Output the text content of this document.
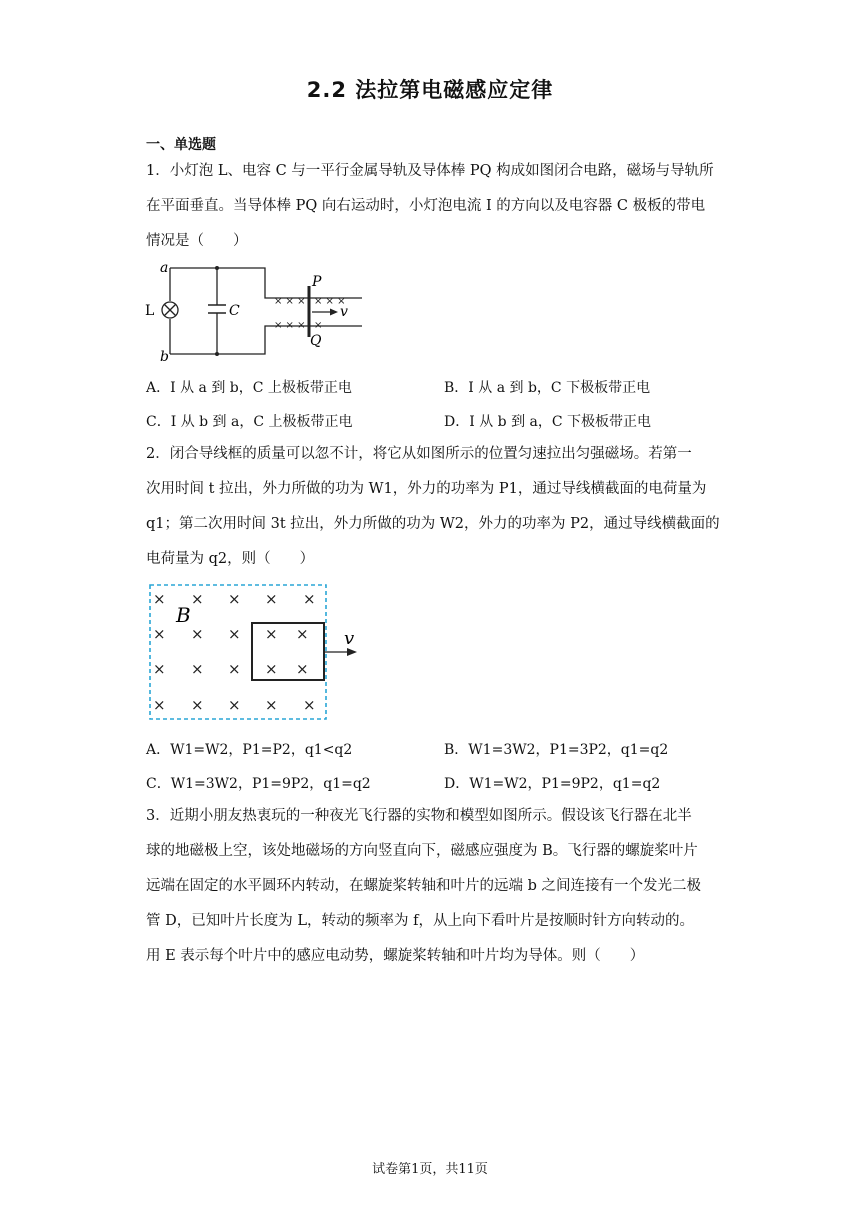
2.2 法拉第电磁感应定律
一、单选题
1．小灯泡 L、电容 C 与一平行金属导轨及导体棒 PQ 构成如图闭合电路，磁场与导轨所
在平面垂直。当导体棒 PQ 向右运动时，小灯泡电流 I 的方向以及电容器 C 极板的带电
情况是（　　）
× × × × × ×
× × × ×
v
a
b
L	C
P
Q
A．I 从 a 到 b，C 上极板带正电	B．I 从 a 到 b，C 下极板带正电
C．I 从 b 到 a，C 上极板带正电	D．I 从 b 到 a，C 下极板带正电
2．闭合导线框的质量可以忽不计，将它从如图所示的位置匀速拉出匀强磁场。若第一
次用时间 t 拉出，外力所做的功为 W1，外力的功率为 P1，通过导线横截面的电荷量为
q1；第二次用时间 3t 拉出，外力所做的功为 W2，外力的功率为 P2，通过导线横截面的
电荷量为 q2，则（　　）
× × × × ×
× × × × ×
× × × × ×
× × × × ×
v
B
A．W1=W2，P1=P2，q1<q2	B．W1=3W2，P1=3P2，q1=q2
C．W1=3W2，P1=9P2，q1=q2	D．W1=W2，P1=9P2，q1=q2
3．近期小朋友热衷玩的一种夜光飞行器的实物和模型如图所示。假设该飞行器在北半
球的地磁极上空，该处地磁场的方向竖直向下，磁感应强度为 B。飞行器的螺旋桨叶片
远端在固定的水平圆环内转动，在螺旋桨转轴和叶片的远端 b 之间连接有一个发光二极
管 D，已知叶片长度为 L，转动的频率为 f，从上向下看叶片是按顺时针方向转动的。
用 E 表示每个叶片中的感应电动势，螺旋桨转轴和叶片均为导体。则（　　）
试卷第1页，共11页
